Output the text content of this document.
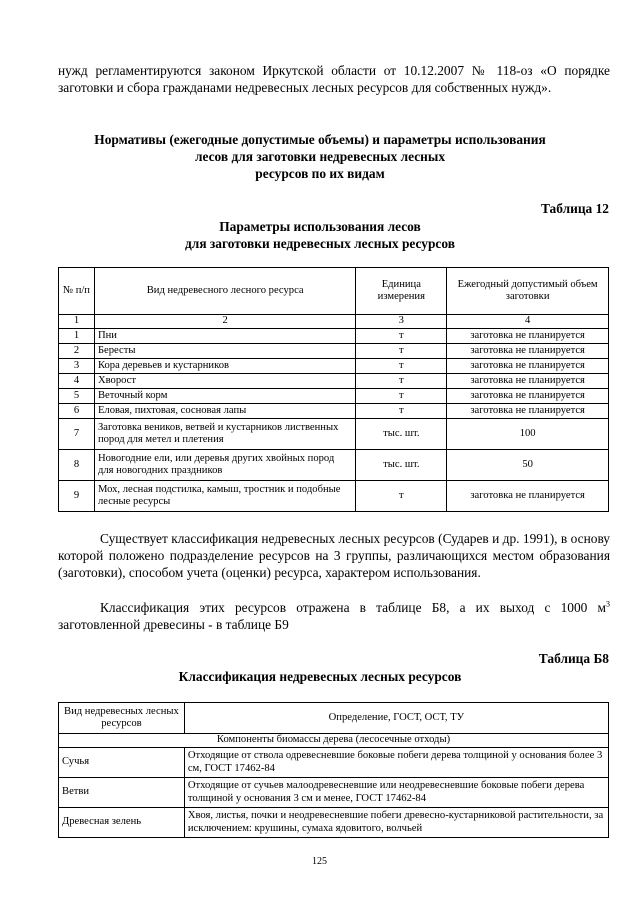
нужд регламентируются законом Иркутской области от 10.12.2007 № 118-оз «О порядке заготовки и сбора гражданами недревесных лесных ресурсов для собственных нужд».

Нормативы (ежегодные допустимые объемы) и параметры использования

лесов для заготовки недревесных лесных

ресурсов по их видам

Таблица 12

Параметры использования лесов

для заготовки недревесных лесных ресурсов

№ п/п	Вид недревесного лесного ресурса	Единица измерения	Ежегодный допустимый объем заготовки
1	2	3	4
1	Пни	т	заготовка не планируется
2	Бересты	т	заготовка не планируется
3	Кора деревьев и кустарников	т	заготовка не планируется
4	Хворост	т	заготовка не планируется
5	Веточный корм	т	заготовка не планируется
6	Еловая, пихтовая, сосновая лапы	т	заготовка не планируется
7	Заготовка веников, ветвей и кустарников лиственных пород для метел и плетения	тыс. шт.	100
8	Новогодние ели, или деревья других хвойных пород для новогодних праздников	тыс. шт.	50
9	Мох, лесная подстилка, камыш, тростник и подобные лесные ресурсы	т	заготовка не планируется

Существует классификация недревесных лесных ресурсов (Сударев и др. 1991), в основу которой положено подразделение ресурсов на 3 группы, различающихся местом образования (заготовки), способом учета (оценки) ресурса, характером использования.

Классификация этих ресурсов отражена в таблице Б8, а их выход с 1000 $м^3$ заготовленной древесины - в таблице Б9

Таблица Б8

Классификация недревесных лесных ресурсов

Вид недревесных лесных ресурсов	Определение, ГОСТ, ОСТ, ТУ
Компоненты биомассы дерева (лесосечные отходы)	
Сучья	Отходящие от ствола одревесневшие боковые побеги дерева толщиной у основания более 3 см, ГОСТ 17462-84
Ветви	Отходящие от сучьев малоодревесневшие или неодревесневшие боковые побеги дерева толщиной у основания 3 см и менее, ГОСТ 17462-84
Древесная зелень	Хвоя, листья, почки и неодревесневшие побеги древесно-кустарниковой растительности, за исключением: крушины, сумаха ядовитого, волчьей
125
